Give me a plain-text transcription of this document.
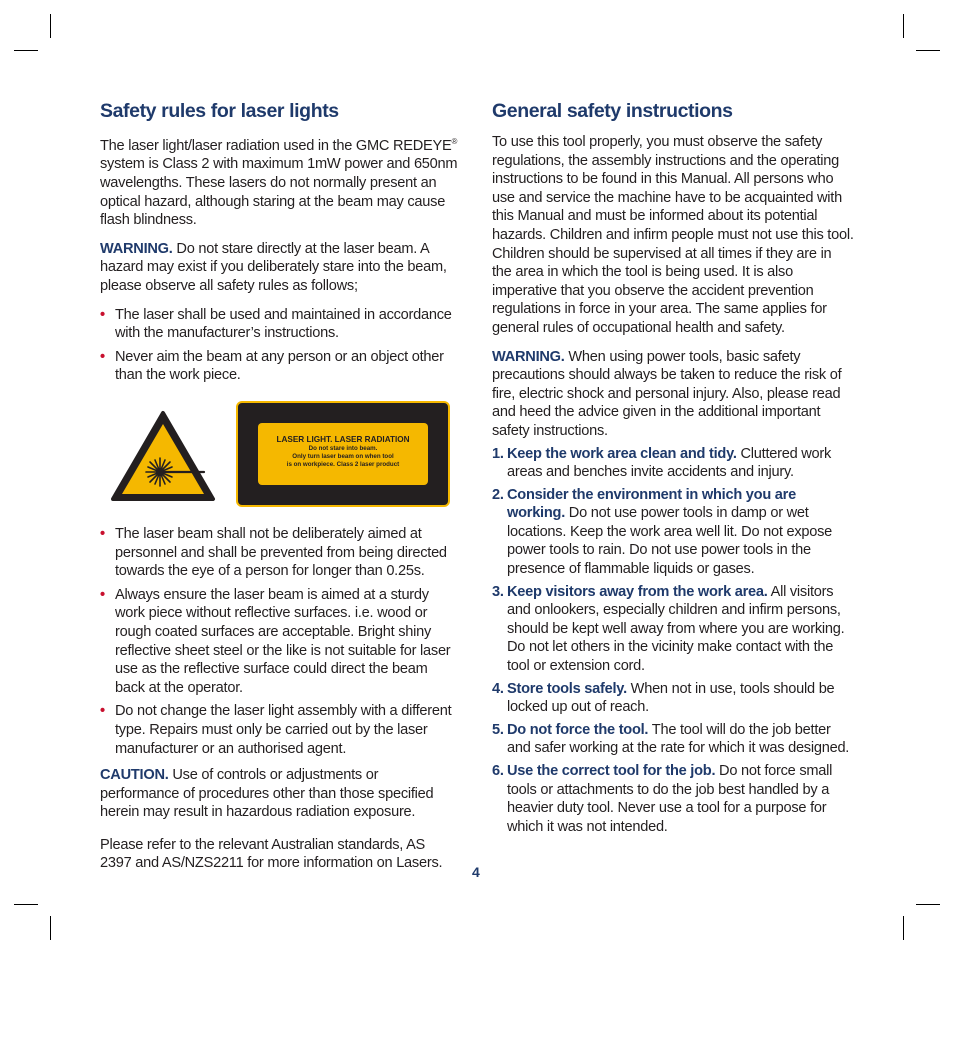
Safety rules for laser lights

The laser light/laser radiation used in the GMC REDEYE® system is Class 2 with maximum 1mW power and 650nm wavelengths. These lasers do not normally present an optical hazard, although staring at the beam may cause flash blindness.

WARNING. Do not stare directly at the laser beam. A hazard may exist if you deliberately stare into the beam, please observe all safety rules as follows;

• The laser shall be used and maintained in accordance with the manufacturer’s instructions.
• Never aim the beam at any person or an object other than the work piece.
LASER LIGHT. LASER RADIATION
Do not stare into beam.
Only turn laser beam on when tool
is on workpiece. Class 2 laser product
• The laser beam shall not be deliberately aimed at personnel and shall be prevented from being directed towards the eye of a person for longer than 0.25s.
• Always ensure the laser beam is aimed at a sturdy work piece without reflective surfaces. i.e. wood or rough coated surfaces are acceptable. Bright shiny reflective sheet steel or the like is not suitable for laser use as the reflective surface could direct the beam back at the operator.
• Do not change the laser light assembly with a different type. Repairs must only be carried out by the laser manufacturer or an authorised agent.

CAUTION. Use of controls or adjustments or performance of procedures other than those specified herein may result in hazardous radiation exposure.

Please refer to the relevant Australian standards, AS 2397 and AS/NZS2211 for more information on Lasers.

General safety instructions

To use this tool properly, you must observe the safety regulations, the assembly instructions and the operating instructions to be found in this Manual. All persons who use and service the machine have to be acquainted with this Manual and must be informed about its potential hazards. Children and infirm people must not use this tool. Children should be supervised at all times if they are in the area in which the tool is being used. It is also imperative that you observe the accident prevention regulations in force in your area. The same applies for general rules of occupational health and safety.

WARNING. When using power tools, basic safety precautions should always be taken to reduce the risk of fire, electric shock and personal injury. Also, please read and heed the advice given in the additional important safety instructions.

1. Keep the work area clean and tidy. Cluttered work areas and benches invite accidents and injury.
2. Consider the environment in which you are working. Do not use power tools in damp or wet locations. Keep the work area well lit. Do not expose power tools to rain. Do not use power tools in the presence of flammable liquids or gases.
3. Keep visitors away from the work area. All visitors and onlookers, especially children and infirm persons, should be kept well away from where you are working. Do not let others in the vicinity make contact with the tool or extension cord.
4. Store tools safely. When not in use, tools should be locked up out of reach.
5. Do not force the tool. The tool will do the job better and safer working at the rate for which it was designed.
6. Use the correct tool for the job. Do not force small tools or attachments to do the job best handled by a heavier duty tool. Never use a tool for a purpose for which it was not intended.
4
